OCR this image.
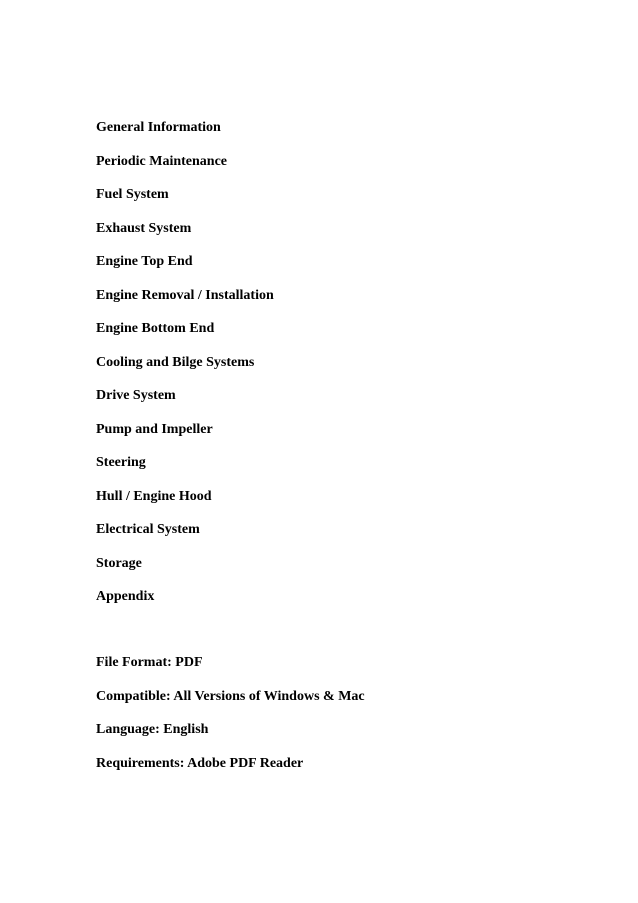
General Information
Periodic Maintenance
Fuel System
Exhaust System
Engine Top End
Engine Removal / Installation
Engine Bottom End
Cooling and Bilge Systems
Drive System
Pump and Impeller
Steering
Hull / Engine Hood
Electrical System
Storage
Appendix
File Format: PDF
Compatible: All Versions of Windows & Mac
Language: English
Requirements: Adobe PDF Reader
